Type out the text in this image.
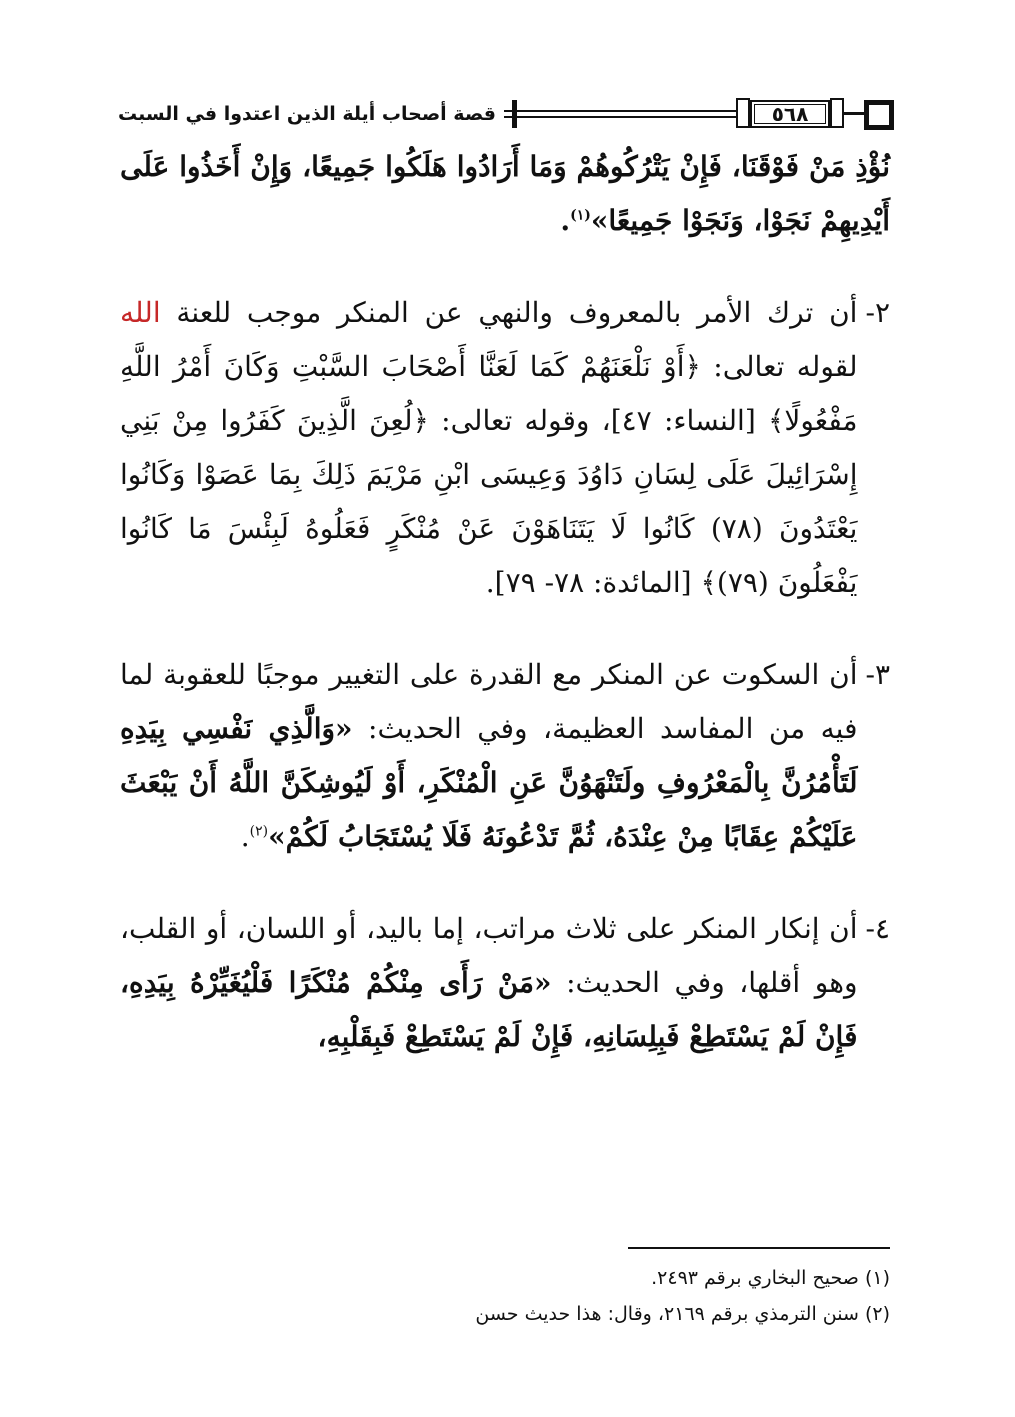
قصة أصحاب أيلة الذين اعتدوا في السبت	٥٦٨

نُؤْذِ مَنْ فَوْقَنَا، فَإِنْ يَتْرُكُوهُمْ وَمَا أَرَادُوا هَلَكُوا جَمِيعًا، وَإِنْ أَخَذُوا عَلَى أَيْدِيهِمْ نَجَوْا، وَنَجَوْا جَمِيعًا»$^{(١)}$.

٢-
أن ترك الأمر بالمعروف والنهي عن المنكر موجب للعنة الله لقوله تعالى: ﴿أَوْ نَلْعَنَهُمْ كَمَا لَعَنَّا أَصْحَابَ السَّبْتِ وَكَانَ أَمْرُ اللَّهِ مَفْعُولًا﴾ [النساء: ٤٧]، وقوله تعالى: ﴿لُعِنَ الَّذِينَ كَفَرُوا مِنْ بَنِي إِسْرَائِيلَ عَلَى لِسَانِ دَاوُدَ وَعِيسَى ابْنِ مَرْيَمَ ذَلِكَ بِمَا عَصَوْا وَكَانُوا يَعْتَدُونَ (٧٨) كَانُوا لَا يَتَنَاهَوْنَ عَنْ مُنْكَرٍ فَعَلُوهُ لَبِئْسَ مَا كَانُوا يَفْعَلُونَ (٧٩)﴾ [المائدة: ٧٨- ٧٩].
٣-
أن السكوت عن المنكر مع القدرة على التغيير موجبًا للعقوبة لما فيه من المفاسد العظيمة، وفي الحديث: «وَالَّذِي نَفْسِي بِيَدِهِ لَتَأْمُرُنَّ بِالْمَعْرُوفِ ولَتَنْهَوُنَّ عَنِ الْمُنْكَرِ، أَوْ لَيُوشِكَنَّ اللَّهُ أَنْ يَبْعَثَ عَلَيْكُمْ عِقَابًا مِنْ عِنْدَهُ، ثُمَّ تَدْعُونَهُ فَلَا يُسْتَجَابُ لَكُمْ»$^{(٢)}$.
٤-
أن إنكار المنكر على ثلاث مراتب، إما باليد، أو اللسان، أو القلب، وهو أقلها، وفي الحديث: «مَنْ رَأَى مِنْكُمْ مُنْكَرًا فَلْيُغَيِّرْهُ بِيَدِهِ، فَإِنْ لَمْ يَسْتَطِعْ فَبِلِسَانِهِ، فَإِنْ لَمْ يَسْتَطِعْ فَبِقَلْبِهِ،
(١) صحيح البخاري برقم ٢٤٩٣.
(٢) سنن الترمذي برقم ٢١٦٩، وقال: هذا حديث حسن
